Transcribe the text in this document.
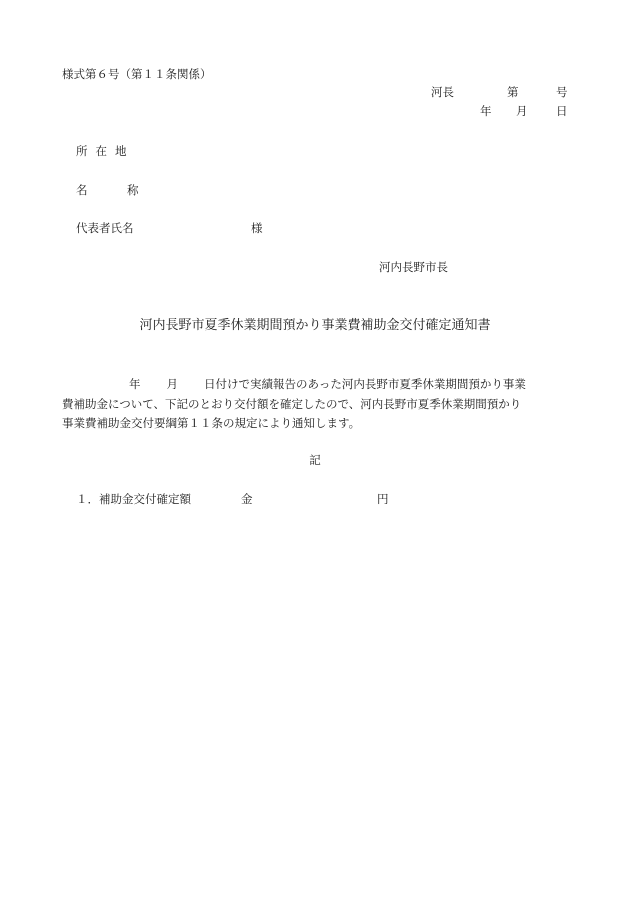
様式第６号（第１１条関係）
河長	第	号
年 月 日
所在地
名	称
代表者氏名	様
河内長野市長
河内長野市夏季休業期間預かり事業費補助金交付確定通知書
年 月 日付けで実績報告のあった河内長野市夏季休業期間預かり事業
費補助金について、下記のとおり交付額を確定したので、河内長野市夏季休業期間預かり
事業費補助金交付要綱第１１条の規定により通知します。
記
１．補助金交付確定額	金	円
